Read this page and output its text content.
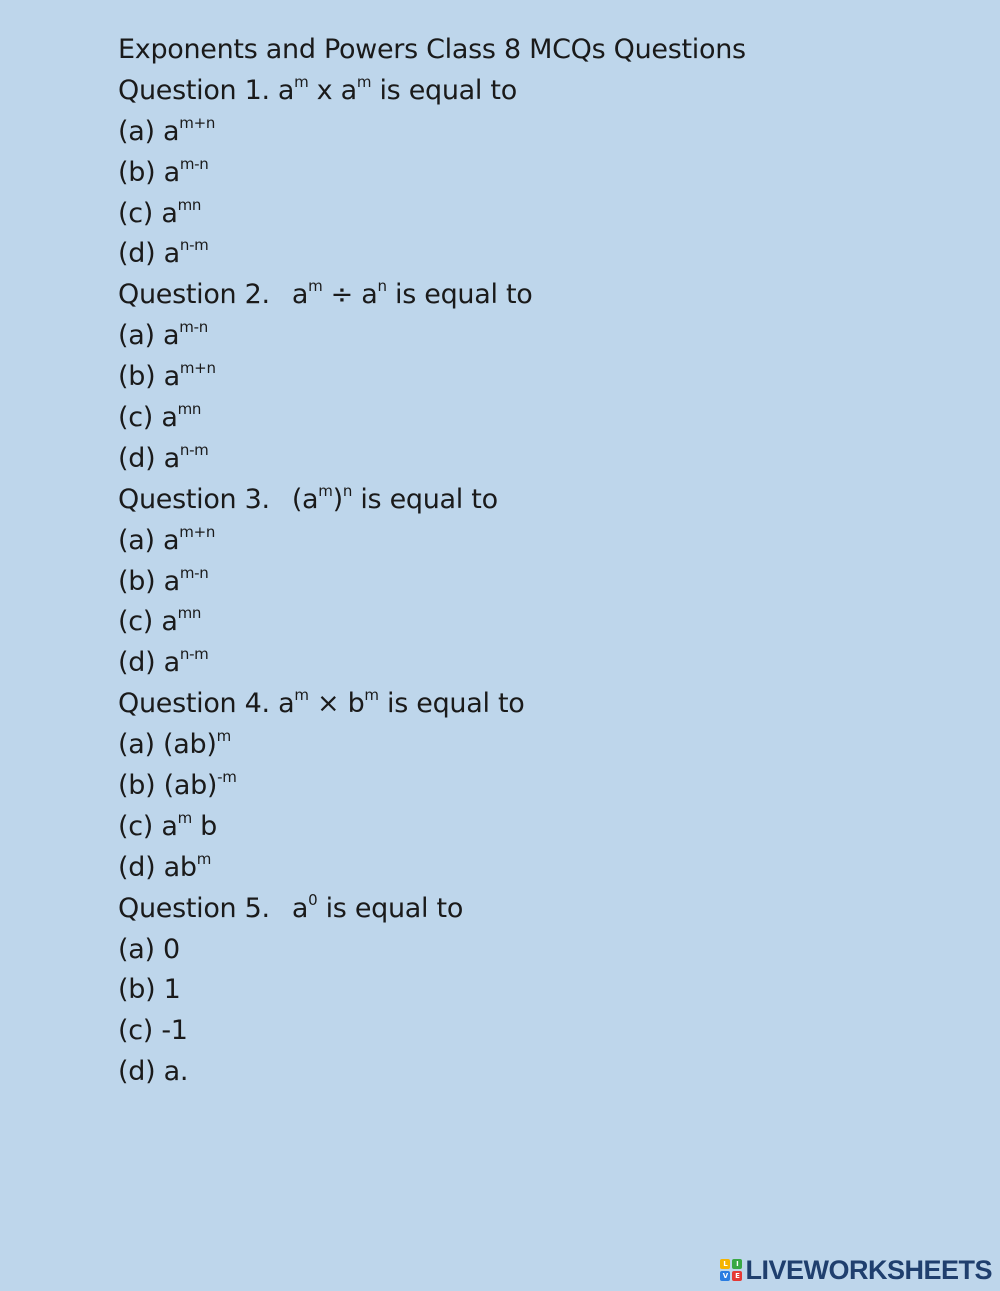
Exponents and Powers Class 8 MCQs Questions
Question 1. $a^m$ x $a^m$ is equal to
(a) $a^{m+n}$
(b) $a^{m-n}$
(c) $a^{mn}$
(d) $a^{n-m}$
Question 2. $a^m \div a^n$ is equal to
(a) $a^{m-n}$
(b) $a^{m+n}$
(c) $a^{mn}$
(d) $a^{n-m}$
Question 3. $(a^m)^n$ is equal to
(a) $a^{m+n}$
(b) $a^{m-n}$
(c) $a^{mn}$
(d) $a^{n-m}$
Question 4. $a^m \times b^m$ is equal to
(a) (ab)$^m$
(b) (ab)$^{-m}$
(c) $a^m$ b
(d) $ab^m$
Question 5. $a^0$ is equal to
(a) 0
(b) 1
(c) -1
(d) a.
L	I
V E LIVEWORKSHEETS
